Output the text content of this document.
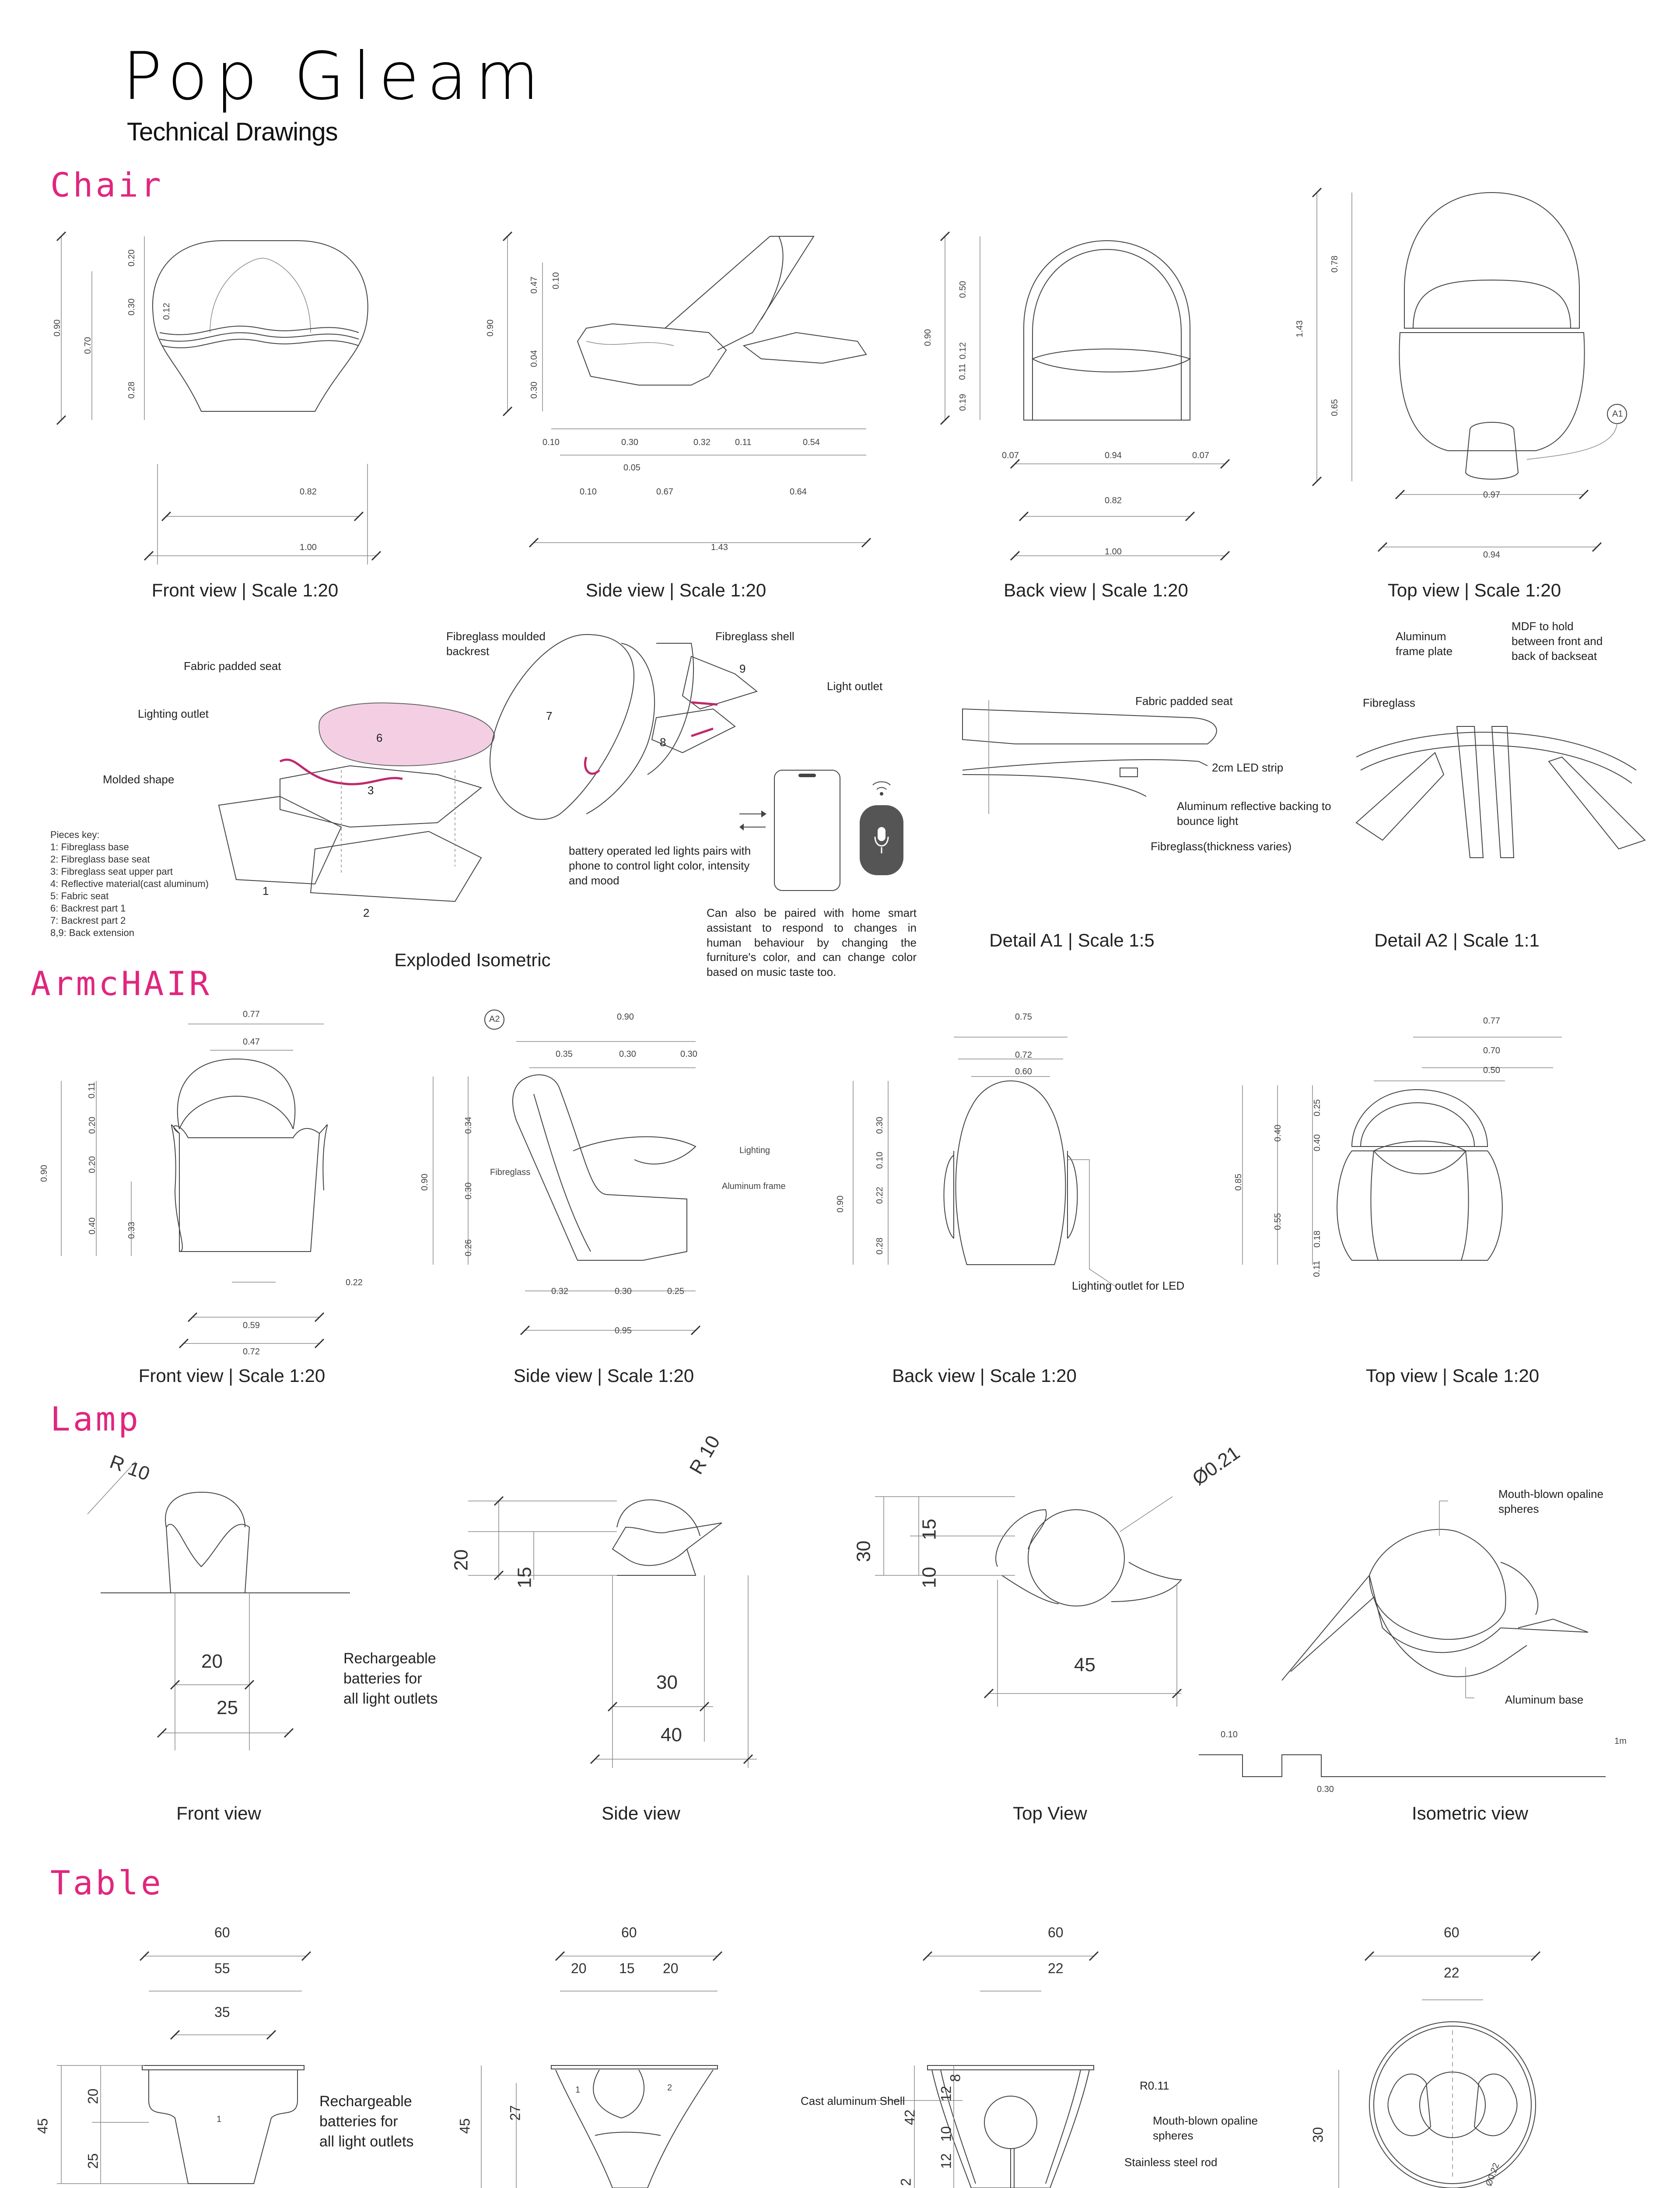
Pop Gleam
Technical Drawings
Chair
0.90
0.70
0.20
0.30	0.12
0.28
0.82
1.00
Front view | Scale 1:20
0.90
0.47 0.10
0.04
0.30
0.10	0.30	0.32	0.11	0.54
0.05
0.10	0.67	0.64
1.43
Side view | Scale 1:20
0.90
0.50
0.12
0.11
0.19
0.07	0.94	0.07
0.82
1.00
Back view | Scale 1:20
1.43
0.78
0.65	A1
0.97
0.94
Top view | Scale 1:20
Fibreglass moulded backrest
Fabric padded seat
Fibreglass shell
Lighting outlet
Light outlet
Molded shape
6
3
1
2
7
8
9
Pieces key:
1: Fibreglass base
2: Fibreglass base seat
3: Fibreglass seat upper part
4: Reflective material(cast aluminum)
5: Fabric seat
6: Backrest part 1
7: Backrest part 2
8,9: Back extension
battery operated led lights pairs with phone to control light color, intensity and mood
Can also be paired with home smart assistant to respond to changes in human behaviour by changing the furniture's color, and can change color based on music taste too.
Exploded Isometric
Fabric padded seat
2cm LED strip
Aluminum reflective backing to bounce light
Fibreglass(thickness varies)
Detail A1 | Scale 1:5
Aluminum frame plate
MDF to hold between front and back of backseat
Fibreglass
Detail A2 | Scale 1:1
ArmcHAIR
0.77
0.47
0.11
0.20
0.20
0.90
0.40	0.33
0.22
0.59
0.72
Front view | Scale 1:20
A2	0.90
0.35	0.30	0.30
0.34
0.90
0.30
0.26
0.32	0.30	0.25
0.95
Lighting
Fibreglass
Aluminum frame
Side view | Scale 1:20
0.75
0.72
0.60
0.30
0.10
0.22
0.90
0.28
Lighting outlet for LED
Back view | Scale 1:20
0.77
0.70
0.50
0.25
0.40
0.40
0.85
0.55
0.18
0.11
Top view | Scale 1:20
Lamp
R 10
20
25
Rechargeable batteries for all light outlets
Front view
R 10
20
15
30
40
Side view
Ø0.21
30
15
10
45
Top View
Mouth-blown opaline spheres
Aluminum base
Isometric view
0.10
0.30
1m
Table
60
55
35
45
20
25
1
Rechargeable batteries for all light outlets
60
20 15 20
45
27
1	2
60
22
42
12
8
10
12
2
R0.11
Cast aluminum Shell
Mouth-blown opaline spheres
Stainless steel rod
60
22
30
Ø0.22
